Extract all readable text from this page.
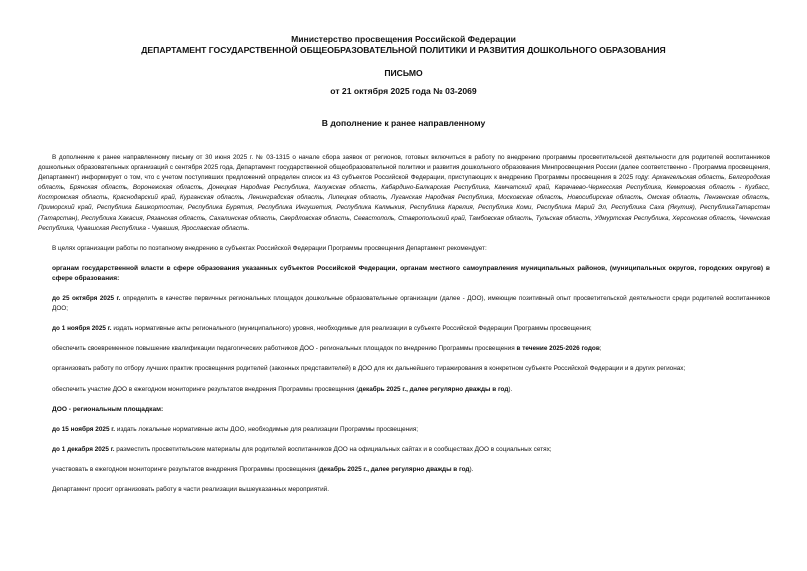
Министерство просвещения Российской Федерации
ДЕПАРТАМЕНТ ГОСУДАРСТВЕННОЙ ОБЩЕОБРАЗОВАТЕЛЬНОЙ ПОЛИТИКИ И РАЗВИТИЯ ДОШКОЛЬНОГО ОБРАЗОВАНИЯ
ПИСЬМО
от 21 октября 2025 года № 03-2069
В дополнение к ранее направленному

В дополнение к ранее направленному письму от 30 июня 2025 г. № 03-1315 о начале сбора заявок от регионов, готовых включиться в работу по внедрению программы просветительской деятельности для родителей воспитанников дошкольных образовательных организаций с сентября 2025 года, Департамент государственной общеобразовательной политики и развития дошкольного образования Минпросвещения России (далее соответственно - Программа просвещения, Департамент) информирует о том, что с учетом поступивших предложений определен список из 43 субъектов Российской Федерации, приступающих к внедрению Программы просвещения в 2025 году: Архангельская область, Белгородская область, Брянская область, Воронежская область, Донецкая Народная Республика, Калужская область, Кабардино-Балкарская Республика, Камчатский край, Карачаево-Черкесская Республика, Кемеровская область - Кузбасс, Костромская область, Краснодарский край, Курганская область, Ленинградская область, Липецкая область, Луганская Народная Республика, Московская область, Новосибирская область, Омская область, Пензенская область, Приморский край, Республика Башкортостан, Республика Бурятия, Республика Ингушетия, Республика Калмыкия, Республика Карелия, Республика Коми, Республика Марий Эл, Республика Саха (Якутия), РеспубликаТатарстан (Татарстан), Республика Хакасия, Рязанская область, Сахалинская область, Свердловская область, Севастополь, Ставропольский край, Тамбовская область, Тульская область, Удмуртская Республика, Херсонская область, Чеченская Республика, Чувашская Республика - Чувашия, Ярославская область.

В целях организации работы по поэтапному внедрению в субъектах Российской Федерации Программы просвещения Департамент рекомендует:

органам государственной власти в сфере образования указанных субъектов Российской Федерации, органам местного самоуправления муниципальных районов, (муниципальных округов, городских округов) в сфере образования:

до 25 октября 2025 г. определить в качестве первичных региональных площадок дошкольные образовательные организации (далее - ДОО), имеющие позитивный опыт просветительской деятельности среди родителей воспитанников ДОО;

до 1 ноября 2025 г. издать нормативные акты регионального (муниципального) уровня, необходимые для реализации в субъекте Российской Федерации Программы просвещения;

обеспечить своевременное повышение квалификации педагогических работников ДОО - региональных площадок по внедрению Программы просвещения в течение 2025-2026 годов;

организовать работу по отбору лучших практик просвещения родителей (законных представителей) в ДОО для их дальнейшего тиражирования в конкретном субъекте Российской Федерации и в других регионах;

обеспечить участие ДОО в ежегодном мониторинге результатов внедрения Программы просвещения (декабрь 2025 г., далее регулярно дважды в год).

ДОО - региональным площадкам:

до 15 ноября 2025 г. издать локальные нормативные акты ДОО, необходимые для реализации Программы просвещения;

до 1 декабря 2025 г. разместить просветительские материалы для родителей воспитанников ДОО на официальных сайтах и в сообществах ДОО в социальных сетях;

участвовать в ежегодном мониторинге результатов внедрения Программы просвещения (декабрь 2025 г., далее регулярно дважды в год).

Департамент просит организовать работу в части реализации вышеуказанных мероприятий.
